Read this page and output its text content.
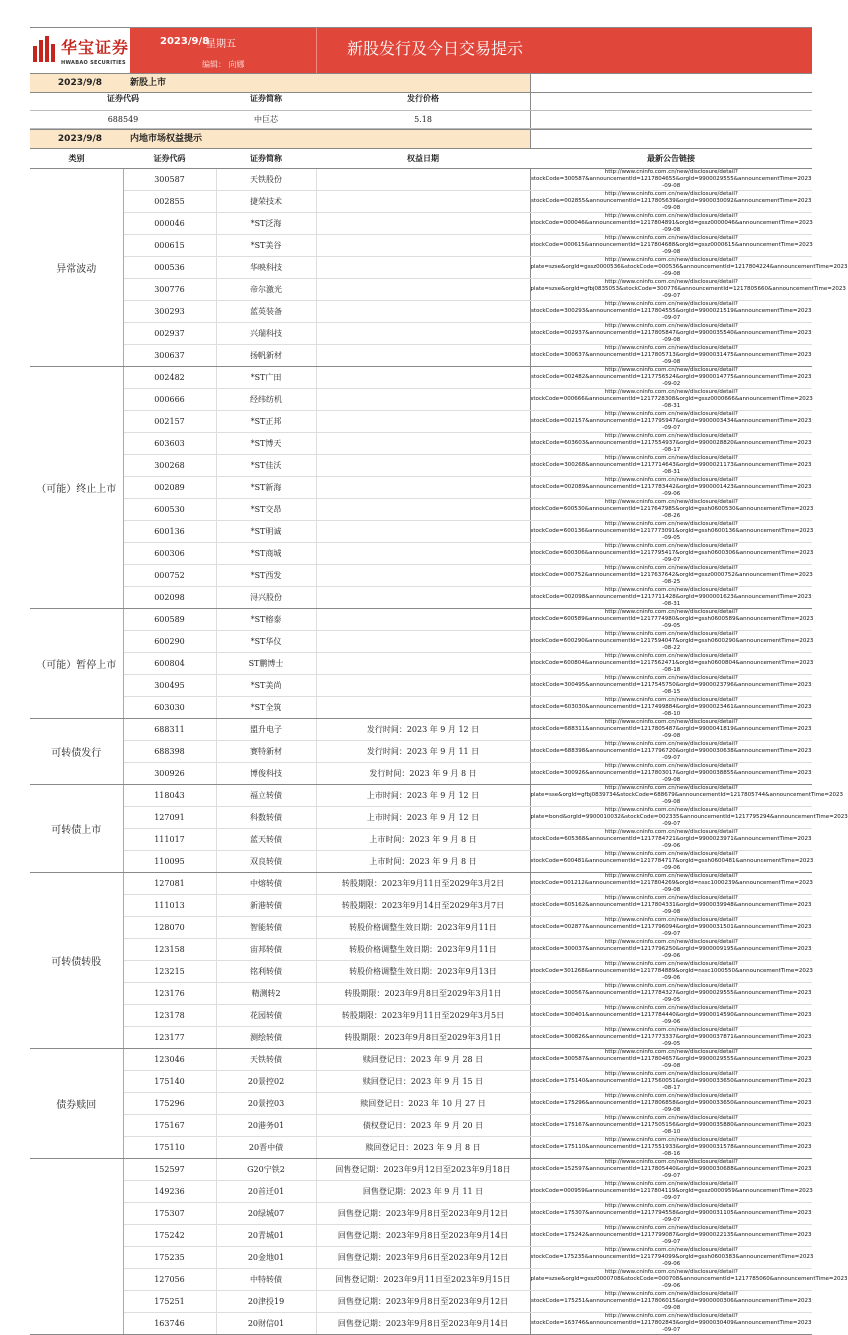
华宝证券
HWABAO SECURITIES
2023/9/8
星期五
编辑： 向娜
新股发行及今日交易提示
2023/9/8	新股上市
证券代码	证券简称	发行价格
688549	中巨芯	5.18
2023/9/8	内地市场权益提示
类别	证券代码	证券简称	权益日期	最新公告链接
异常波动	300587	天铁股份		http://www.cninfo.com.cn/new/disclosure/detail?stockCode=300587&announcementId=1217804655&orgId=9900029555&announcementTime=2023 -09-08
	002855	捷荣技术		http://www.cninfo.com.cn/new/disclosure/detail?stockCode=002855&announcementId=1217805639&orgId=9900030092&announcementTime=2023 -09-08
	000046	*ST泛海		http://www.cninfo.com.cn/new/disclosure/detail?stockCode=000046&announcementId=1217804891&orgId=gssz0000046&announcementTime=2023 -09-08
	000615	*ST美谷		http://www.cninfo.com.cn/new/disclosure/detail?stockCode=000615&announcementId=1217804688&orgId=gssz0000615&announcementTime=2023 -09-08
	000536	华映科技		http://www.cninfo.com.cn/new/disclosure/detail?plate=szse&orgId=gssz0000536&stockCode=000536&announcementId=1217804224&announcementTime=2023 -09-08
	300776	帝尔激光		http://www.cninfo.com.cn/new/disclosure/detail?plate=szse&orgId=gfbj0835053&stockCode=300776&announcementId=1217805660&announcementTime=2023 -09-07
	300293	蓝英装备		http://www.cninfo.com.cn/new/disclosure/detail?stockCode=300293&announcementId=1217804555&orgId=9900021519&announcementTime=2023 -09-07
	002937	兴瑞科技		http://www.cninfo.com.cn/new/disclosure/detail?stockCode=002937&announcementId=1217805847&orgId=9900035540&announcementTime=2023 -09-08
	300637	扬帆新材		http://www.cninfo.com.cn/new/disclosure/detail?stockCode=300637&announcementId=1217805713&orgId=9900031475&announcementTime=2023 -09-08
（可能）终止上市	002482	*ST广田		http://www.cninfo.com.cn/new/disclosure/detail?stockCode=002482&announcementId=1217756524&orgId=9900014775&announcementTime=2023 -09-02
	000666	经纬纺机		http://www.cninfo.com.cn/new/disclosure/detail?stockCode=000666&announcementId=1217728308&orgId=gssz0000666&announcementTime=2023 -08-31
	002157	*ST正邦		http://www.cninfo.com.cn/new/disclosure/detail?stockCode=002157&announcementId=1217795947&orgId=9900003434&announcementTime=2023 -09-07
	603603	*ST博天		http://www.cninfo.com.cn/new/disclosure/detail?stockCode=603603&announcementId=1217554937&orgId=9900028820&announcementTime=2023 -08-17
	300268	*ST佳沃		http://www.cninfo.com.cn/new/disclosure/detail?stockCode=300268&announcementId=1217714643&orgId=9900021173&announcementTime=2023 -08-31
	002089	*ST新海		http://www.cninfo.com.cn/new/disclosure/detail?stockCode=002089&announcementId=1217783442&orgId=9900001423&announcementTime=2023 -09-06
	600530	*ST交昂		http://www.cninfo.com.cn/new/disclosure/detail?stockCode=600530&announcementId=1217647985&orgId=gssh0600530&announcementTime=2023 -08-26
	600136	*ST明诚		http://www.cninfo.com.cn/new/disclosure/detail?stockCode=600136&announcementId=1217773091&orgId=gssh0600136&announcementTime=2023 -09-05
	600306	*ST商城		http://www.cninfo.com.cn/new/disclosure/detail?stockCode=600306&announcementId=1217795417&orgId=gssh0600306&announcementTime=2023 -09-07
	000752	*ST西发		http://www.cninfo.com.cn/new/disclosure/detail?stockCode=000752&announcementId=1217637642&orgId=gssz0000752&announcementTime=2023 -08-25
	002098	浔兴股份		http://www.cninfo.com.cn/new/disclosure/detail?stockCode=002098&announcementId=1217711428&orgId=9900001623&announcementTime=2023 -08-31
（可能）暂停上市	600589	*ST榕泰		http://www.cninfo.com.cn/new/disclosure/detail?stockCode=600589&announcementId=1217774980&orgId=gssh0600589&announcementTime=2023 -09-05
	600290	*ST华仪		http://www.cninfo.com.cn/new/disclosure/detail?stockCode=600290&announcementId=1217594047&orgId=gssh0600290&announcementTime=2023 -08-22
	600804	ST鹏博士		http://www.cninfo.com.cn/new/disclosure/detail?stockCode=600804&announcementId=1217562471&orgId=gssh0600804&announcementTime=2023 -08-18
	300495	*ST美尚		http://www.cninfo.com.cn/new/disclosure/detail?stockCode=300495&announcementId=1217545750&orgId=9900023796&announcementTime=2023 -08-15
	603030	*ST全筑		http://www.cninfo.com.cn/new/disclosure/detail?stockCode=603030&announcementId=1217499884&orgId=9900023461&announcementTime=2023 -08-10
可转债发行	688311	盟升电子	发行时间：2023 年 9 月 12 日	http://www.cninfo.com.cn/new/disclosure/detail?stockCode=688311&announcementId=1217805487&orgId=9900041819&announcementTime=2023 -09-08
	688398	赛特新材	发行时间：2023 年 9 月 11 日	http://www.cninfo.com.cn/new/disclosure/detail?stockCode=688398&announcementId=1217796720&orgId=9900030638&announcementTime=2023 -09-07
	300926	博俊科技	发行时间：2023 年 9 月 8 日	http://www.cninfo.com.cn/new/disclosure/detail?stockCode=300926&announcementId=1217803017&orgId=9900038855&announcementTime=2023 -09-08
可转债上市	118043	福立转债	上市时间：2023 年 9 月 12 日	http://www.cninfo.com.cn/new/disclosure/detail?plate=sse&orgId=gfbj0839734&stockCode=688679&announcementId=1217805744&announcementTime=2023 -09-08
	127091	科数转债	上市时间：2023 年 9 月 12 日	http://www.cninfo.com.cn/new/disclosure/detail?plate=bond&orgId=9900010032&stockCode=002335&announcementId=1217795294&announcementTime=2023 -09-07
	111017	蓝天转债	上市时间：2023 年 9 月 8 日	http://www.cninfo.com.cn/new/disclosure/detail?stockCode=605368&announcementId=1217784721&orgId=9900023971&announcementTime=2023 -09-06
	110095	双良转债	上市时间：2023 年 9 月 8 日	http://www.cninfo.com.cn/new/disclosure/detail?stockCode=600481&announcementId=1217784717&orgId=gssh0600481&announcementTime=2023 -09-06
可转债转股	127081	中熔转债	转股期限：2023年9月11日至2029年3月2日	http://www.cninfo.com.cn/new/disclosure/detail?stockCode=001212&announcementId=1217804269&orgId=nssc1000239&announcementTime=2023 -09-08
	111013	新港转债	转股期限：2023年9月14日至2029年3月7日	http://www.cninfo.com.cn/new/disclosure/detail?stockCode=605162&announcementId=1217804331&orgId=9900039948&announcementTime=2023 -09-08
	128070	智能转债	转股价格调整生效日期：2023年9月11日	http://www.cninfo.com.cn/new/disclosure/detail?stockCode=002877&announcementId=1217796094&orgId=9900031501&announcementTime=2023 -09-07
	123158	宙邦转债	转股价格调整生效日期：2023年9月11日	http://www.cninfo.com.cn/new/disclosure/detail?stockCode=300037&announcementId=1217796250&orgId=9900009195&announcementTime=2023 -09-06
	123215	铭利转债	转股价格调整生效日期：2023年9月13日	http://www.cninfo.com.cn/new/disclosure/detail?stockCode=301268&announcementId=1217784889&orgId=nssc1000550&announcementTime=2023 -09-06
	123176	精测转2	转股期限：2023年9月8日至2029年3月1日	http://www.cninfo.com.cn/new/disclosure/detail?stockCode=300567&announcementId=1217784327&orgId=9900029555&announcementTime=2023 -09-05
	123178	花园转债	转股期限：2023年9月11日至2029年3月5日	http://www.cninfo.com.cn/new/disclosure/detail?stockCode=300401&announcementId=1217784440&orgId=9900014590&announcementTime=2023 -09-06
	123177	测绘转债	转股期限：2023年9月8日至2029年3月1日	http://www.cninfo.com.cn/new/disclosure/detail?stockCode=300826&announcementId=1217773337&orgId=9900037871&announcementTime=2023 -09-05
债券赎回	123046	天铁转债	赎回登记日：2023 年 9 月 28 日	http://www.cninfo.com.cn/new/disclosure/detail?stockCode=300587&announcementId=1217804657&orgId=9900029555&announcementTime=2023 -09-08
	175140	20景控02	赎回登记日：2023 年 9 月 15 日	http://www.cninfo.com.cn/new/disclosure/detail?stockCode=175140&announcementId=1217560051&orgId=9900033650&announcementTime=2023 -08-17
	175296	20景控03	赎回登记日：2023 年 10 月 27 日	http://www.cninfo.com.cn/new/disclosure/detail?stockCode=175296&announcementId=1217806858&orgId=9900033650&announcementTime=2023 -09-08
	175167	20港务01	债权登记日：2023 年 9 月 20 日	http://www.cninfo.com.cn/new/disclosure/detail?stockCode=175167&announcementId=1217505156&orgId=9900035880&announcementTime=2023 -08-10
	175110	20晋中债	赎回登记日：2023 年 9 月 8 日	http://www.cninfo.com.cn/new/disclosure/detail?stockCode=175110&announcementId=1217551933&orgId=9900031578&announcementTime=2023 -08-16
	152597	G20宁铁2	回售登记期：2023年9月12日至2023年9月18日	http://www.cninfo.com.cn/new/disclosure/detail?stockCode=152597&announcementId=1217805440&orgId=9900030688&announcementTime=2023 -09-07
	149236	20首迁01	回售登记期：2023 年 9 月 11 日	http://www.cninfo.com.cn/new/disclosure/detail?stockCode=000959&announcementId=1217804119&orgId=gssz0000959&announcementTime=2023 -09-07
	175307	20绿城07	回售登记期：2023年9月8日至2023年9月12日	http://www.cninfo.com.cn/new/disclosure/detail?stockCode=175307&announcementId=1217794558&orgId=9900031105&announcementTime=2023 -09-07
	175242	20青城01	回售登记期：2023年9月8日至2023年9月14日	http://www.cninfo.com.cn/new/disclosure/detail?stockCode=175242&announcementId=1217799087&orgId=9900022135&announcementTime=2023 -09-07
	175235	20金地01	回售登记期：2023年9月6日至2023年9月12日	http://www.cninfo.com.cn/new/disclosure/detail?stockCode=175235&announcementId=1217794099&orgId=gssh0600383&announcementTime=2023 -09-06
	127056	中特转债	回售登记期：2023年9月11日至2023年9月15日	http://www.cninfo.com.cn/new/disclosure/detail?plate=szse&orgId=gssz0000708&stockCode=000708&announcementId=1217785060&announcementTime=2023 -09-06
	175251	20津投19	回售登记期：2023年9月8日至2023年9月12日	http://www.cninfo.com.cn/new/disclosure/detail?stockCode=175251&announcementId=1217806015&orgId=9900000306&announcementTime=2023 -09-08
	163746	20财信01	回售登记期：2023年9月8日至2023年9月14日	http://www.cninfo.com.cn/new/disclosure/detail?stockCode=163746&announcementId=1217802843&orgId=9900030409&announcementTime=2023 -09-07
